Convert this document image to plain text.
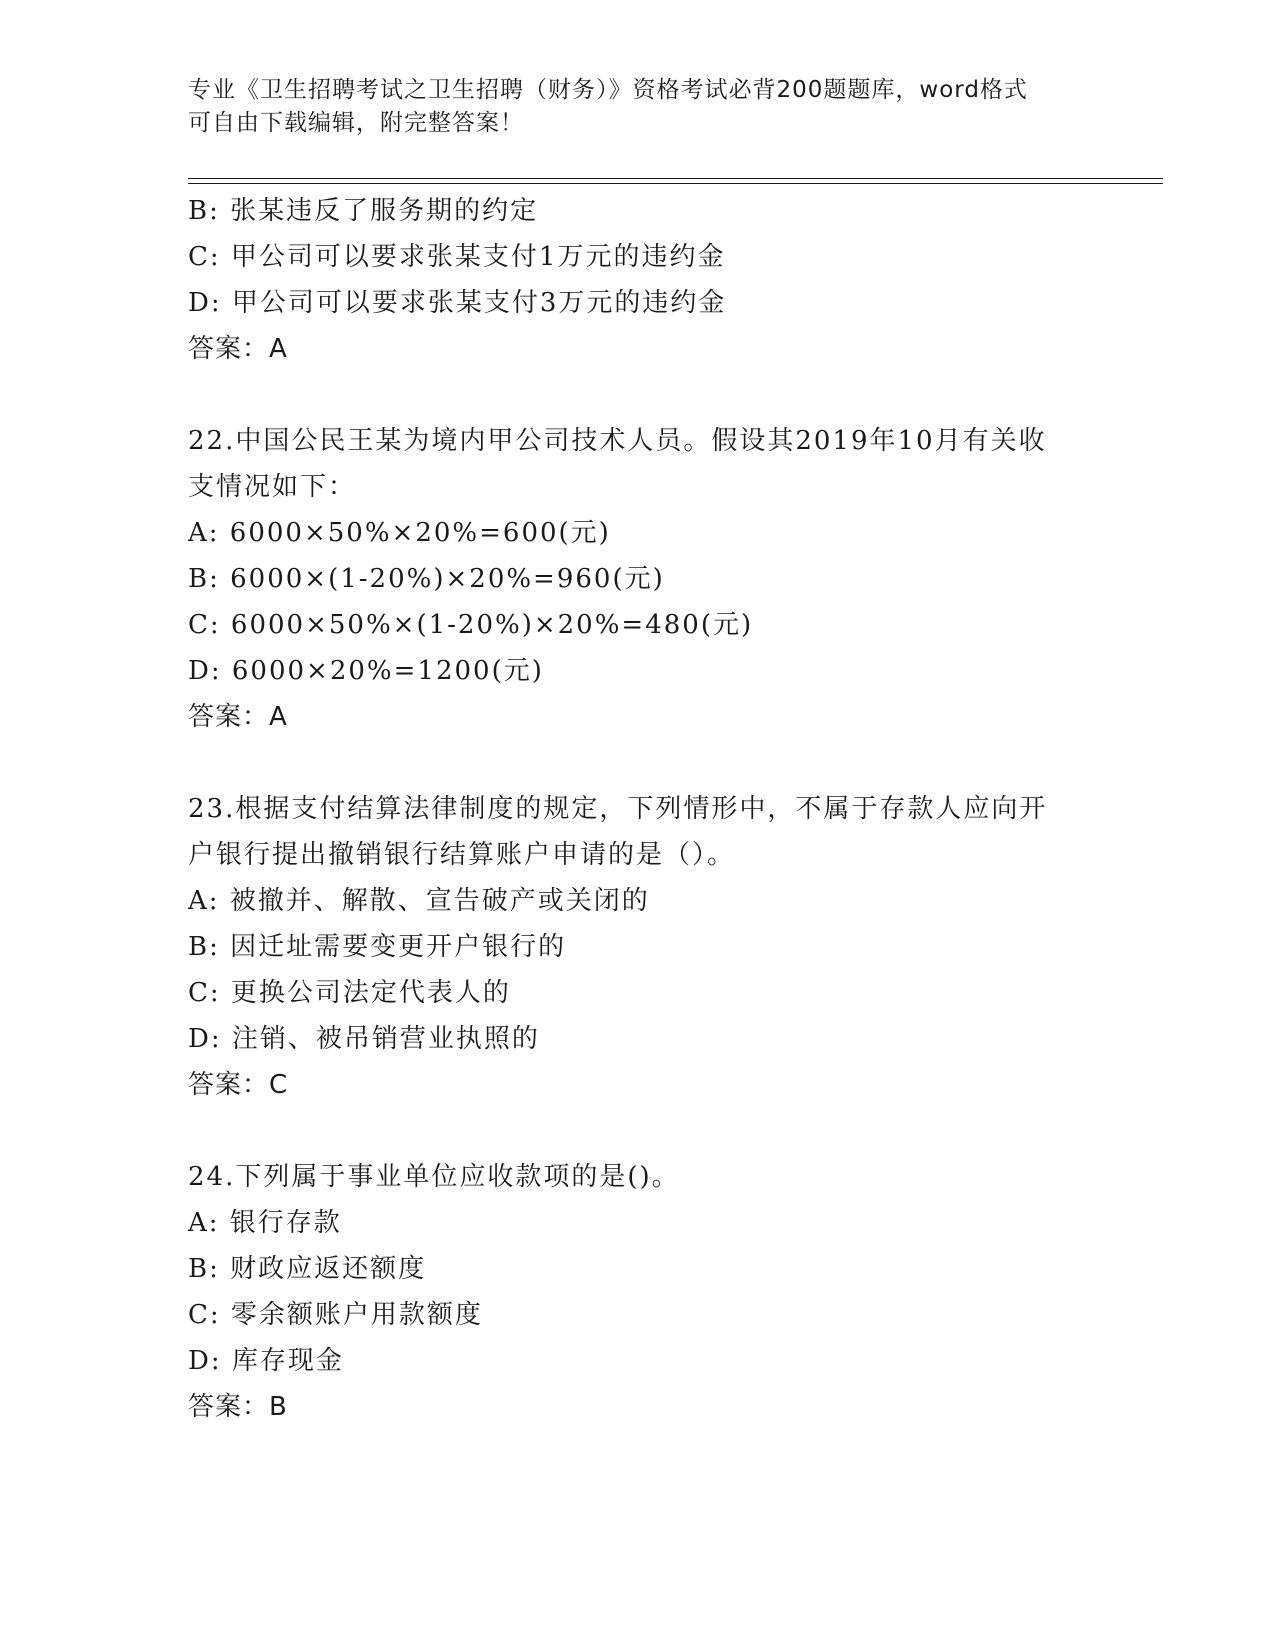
专业《卫生招聘考试之卫生招聘（财务）》资格考试必背200题题库，word格式
可自由下载编辑，附完整答案！
B: 张某违反了服务期的约定
C: 甲公司可以要求张某支付1万元的违约金
D: 甲公司可以要求张某支付3万元的违约金
答案：A
22.中国公民王某为境内甲公司技术人员。假设其2019年10月有关收
支情况如下：
A: 6000×50%×20%=600(元)
B: 6000×(1-20%)×20%=960(元)
C: 6000×50%×(1-20%)×20%=480(元)
D: 6000×20%=1200(元)
答案：A
23.根据支付结算法律制度的规定，下列情形中，不属于存款人应向开
户银行提出撤销银行结算账户申请的是（）。
A: 被撤并、解散、宣告破产或关闭的
B: 因迁址需要变更开户银行的
C: 更换公司法定代表人的
D: 注销、被吊销营业执照的
答案：C
24.下列属于事业单位应收款项的是()。
A: 银行存款
B: 财政应返还额度
C: 零余额账户用款额度
D: 库存现金
答案：B
